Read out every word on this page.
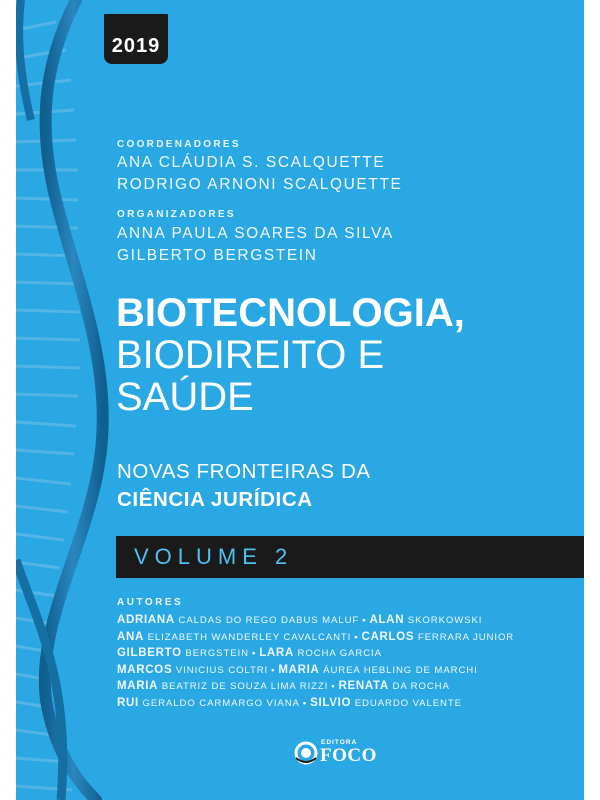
2019
COORDENADORES
ANA CLÁUDIA S. SCALQUETTE
RODRIGO ARNONI SCALQUETTE
ORGANIZADORES
ANNA PAULA SOARES DA SILVA
GILBERTO BERGSTEIN
BIOTECNOLOGIA,
BIODIREITO E
SAÚDE
NOVAS FRONTEIRAS DA
CIÊNCIA JURÍDICA
VOLUME 2
AUTORES
ADRIANA CALDAS DO REGO DABUS MALUF • ALAN SKORKOWSKI
ANA ELIZABETH WANDERLEY CAVALCANTI • CARLOS FERRARA JUNIOR
GILBERTO BERGSTEIN • LARA ROCHA GARCIA
MARCOS VINICIUS COLTRI • MARIA ÁUREA HEBLING DE MARCHI
MARIA BEATRIZ DE SOUZA LIMA RIZZI • RENATA DA ROCHA
RUI GERALDO CARMARGO VIANA • SILVIO EDUARDO VALENTE
EDITORA
FOCO
